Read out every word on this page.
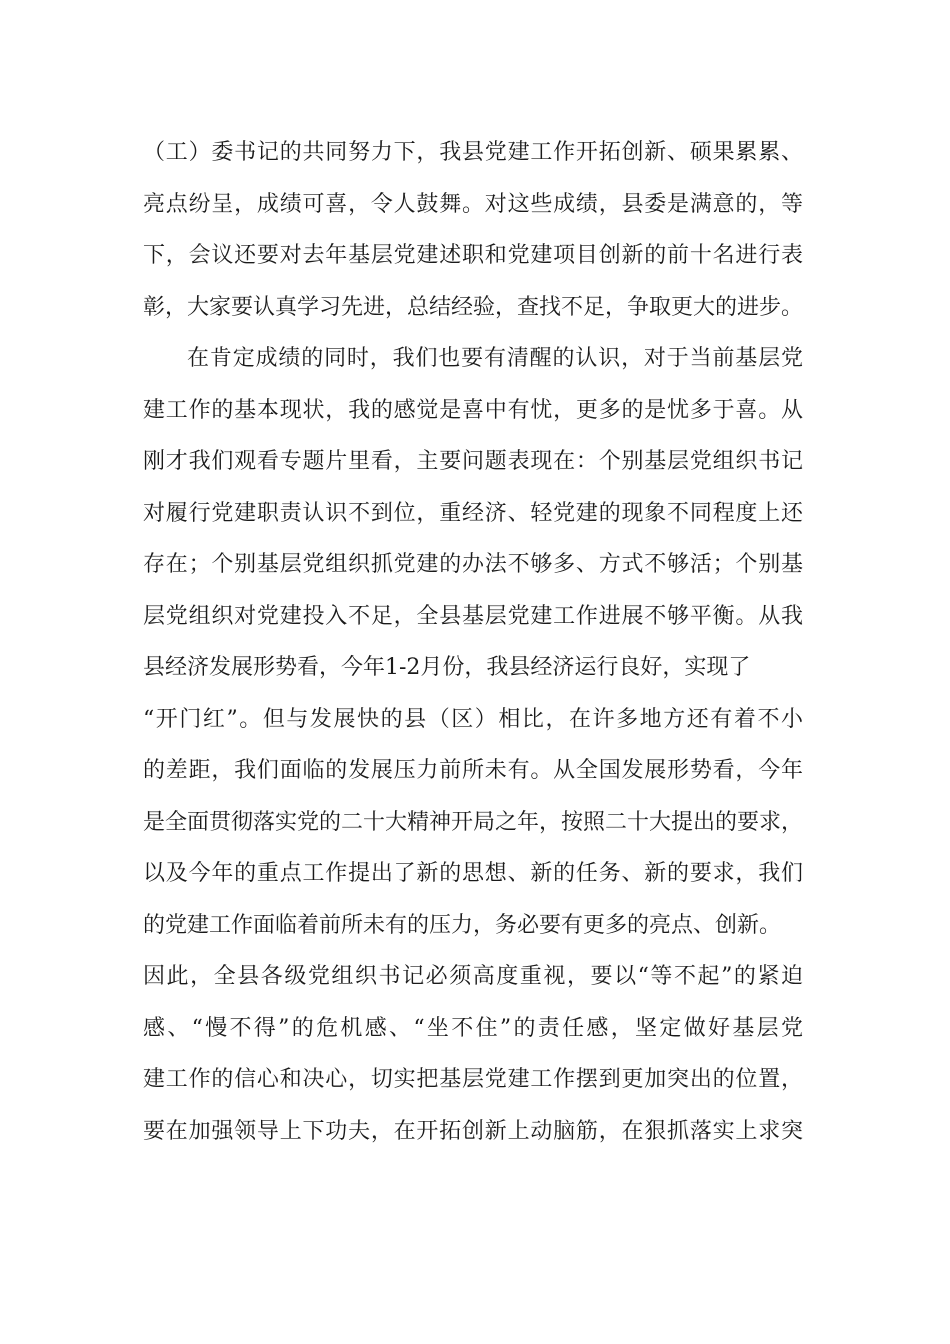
（工）委书记的共同努力下，我县党建工作开拓创新、硕果累累、
亮点纷呈，成绩可喜，令人鼓舞。对这些成绩，县委是满意的，等
下，会议还要对去年基层党建述职和党建项目创新的前十名进行表
彰，大家要认真学习先进，总结经验，查找不足，争取更大的进步。
在肯定成绩的同时，我们也要有清醒的认识，对于当前基层党
建工作的基本现状，我的感觉是喜中有忧，更多的是忧多于喜。从
刚才我们观看专题片里看，主要问题表现在：个别基层党组织书记
对履行党建职责认识不到位，重经济、轻党建的现象不同程度上还
存在；个别基层党组织抓党建的办法不够多、方式不够活；个别基
层党组织对党建投入不足，全县基层党建工作进展不够平衡。从我
县经济发展形势看，今年1-2月份，我县经济运行良好，实现了
“开门红”。但与发展快的县（区）相比，在许多地方还有着不小
的差距，我们面临的发展压力前所未有。从全国发展形势看，今年
是全面贯彻落实党的二十大精神开局之年，按照二十大提出的要求，
以及今年的重点工作提出了新的思想、新的任务、新的要求，我们
的党建工作面临着前所未有的压力，务必要有更多的亮点、创新。
因此，全县各级党组织书记必须高度重视，要以“等不起”的紧迫
感、“慢不得”的危机感、“坐不住”的责任感，坚定做好基层党
建工作的信心和决心，切实把基层党建工作摆到更加突出的位置，
要在加强领导上下功夫，在开拓创新上动脑筋，在狠抓落实上求突
